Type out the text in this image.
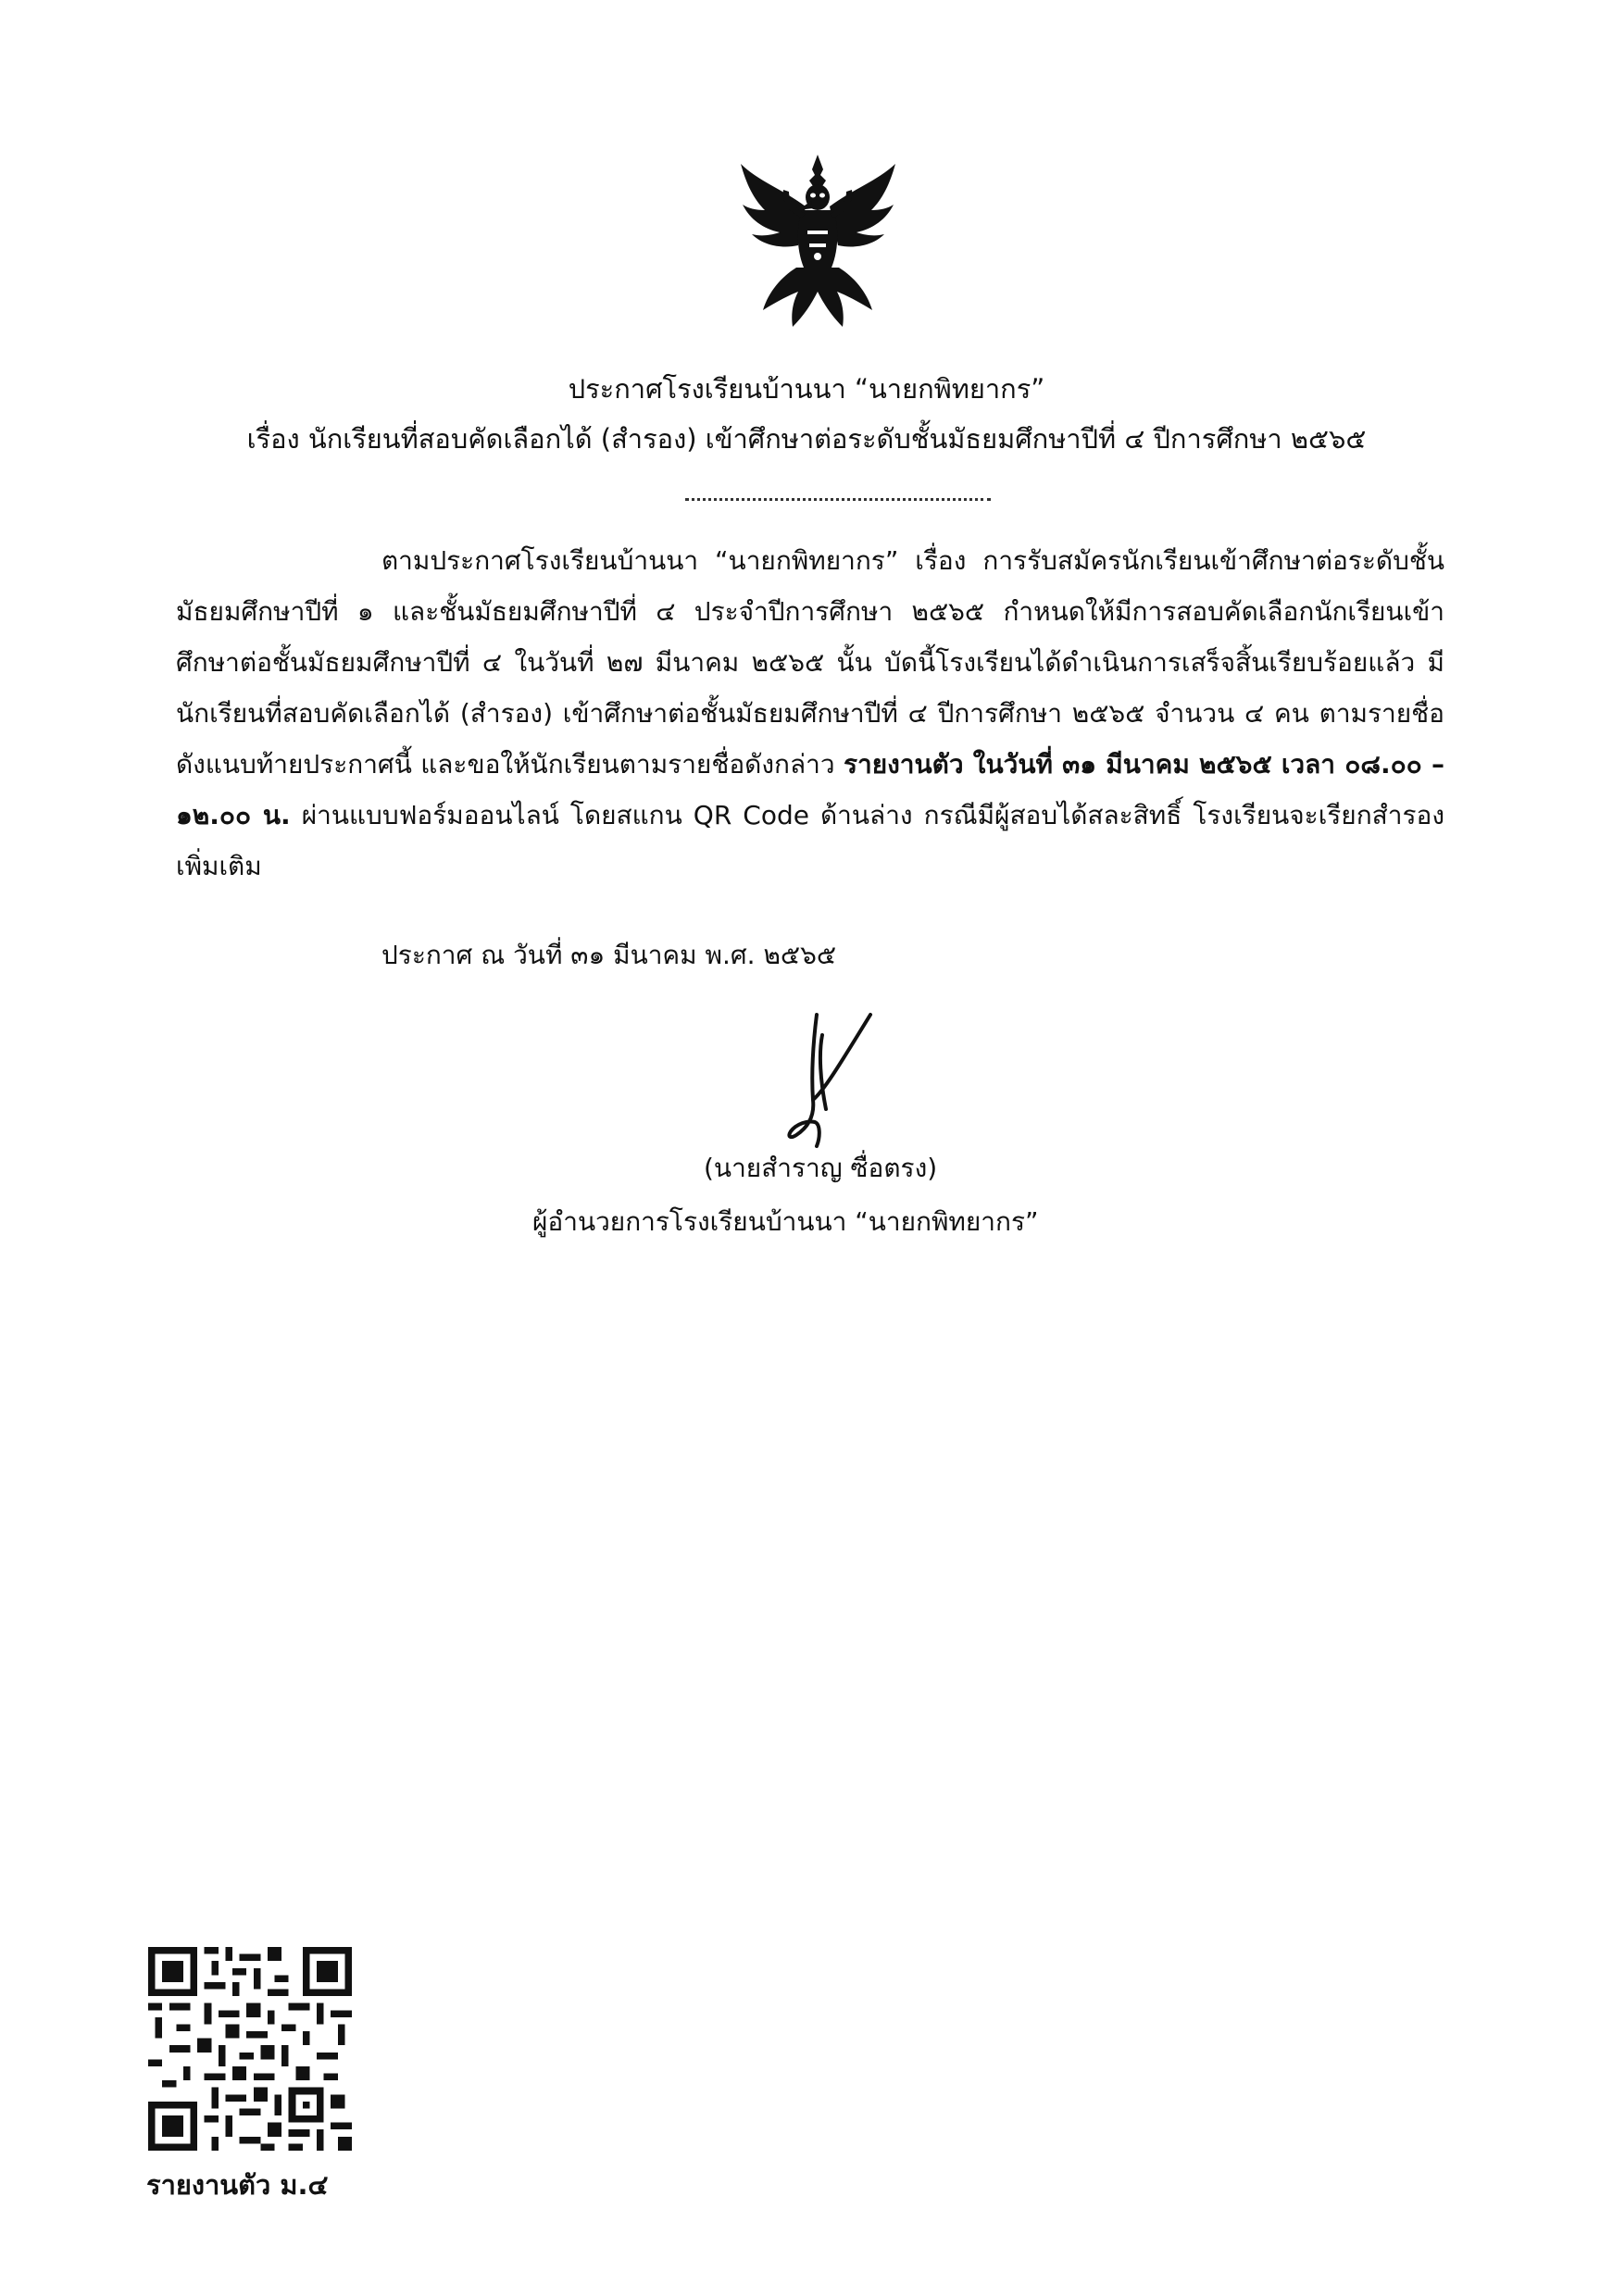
ประกาศโรงเรียนบ้านนา “นายกพิทยากร”
เรื่อง นักเรียนที่สอบคัดเลือกได้ (สำรอง) เข้าศึกษาต่อระดับชั้นมัธยมศึกษาปีที่ ๔ ปีการศึกษา ๒๕๖๕

ตามประกาศโรงเรียนบ้านนา “นายกพิทยากร” เรื่อง การรับสมัครนักเรียนเข้าศึกษาต่อระดับชั้นมัธยมศึกษาปีที่ ๑ และชั้นมัธยมศึกษาปีที่ ๔ ประจำปีการศึกษา ๒๕๖๕ กำหนดให้มีการสอบคัดเลือกนักเรียนเข้าศึกษาต่อชั้นมัธยมศึกษาปีที่ ๔ ในวันที่ ๒๗ มีนาคม ๒๕๖๕ นั้น บัดนี้โรงเรียนได้ดำเนินการเสร็จสิ้นเรียบร้อยแล้ว มีนักเรียนที่สอบคัดเลือกได้ (สำรอง) เข้าศึกษาต่อชั้นมัธยมศึกษาปีที่ ๔ ปีการศึกษา ๒๕๖๕ จำนวน ๔ คน ตามรายชื่อดังแนบท้ายประกาศนี้ และขอให้นักเรียนตามรายชื่อดังกล่าว รายงานตัว ในวันที่ ๓๑ มีนาคม ๒๕๖๕ เวลา ๐๘.๐๐ – ๑๒.๐๐ น. ผ่านแบบฟอร์มออนไลน์ โดยสแกน QR Code ด้านล่าง กรณีมีผู้สอบได้สละสิทธิ์ โรงเรียนจะเรียกสำรองเพิ่มเติม

ประกาศ ณ วันที่ ๓๑ มีนาคม พ.ศ. ๒๕๖๕
(นายสำราญ ซื่อตรง)
ผู้อำนวยการโรงเรียนบ้านนา “นายกพิทยากร”
รายงานตัว ม.๔
